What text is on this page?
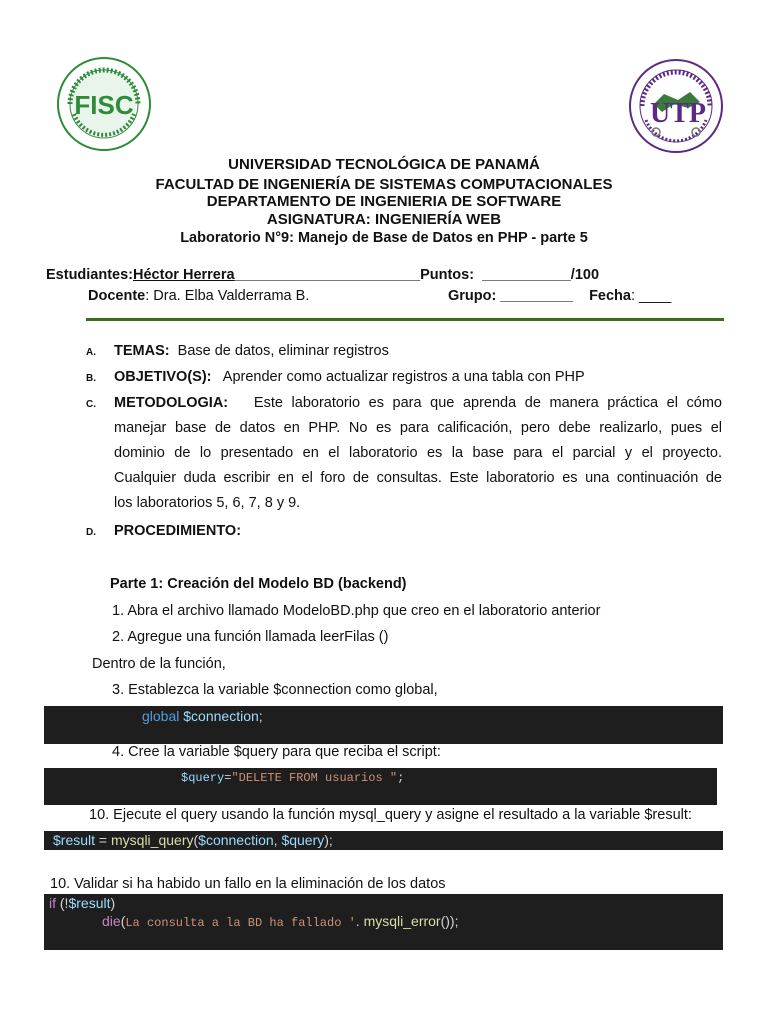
FISC	UTP
UNIVERSIDAD TECNOLÓGICA DE PANAMÁ
FACULTAD DE INGENIERÍA DE SISTEMAS COMPUTACIONALES
DEPARTAMENTO DE INGENIERIA DE SOFTWARE
ASIGNATURA: INGENIERÍA WEB
Laboratorio N°9: Manejo de Base de Datos en PHP - parte 5
Estudiantes:Héctor Herrera_______________________Puntos: ___________/100
Docente: Dra. Elba Valderrama B.	Grupo: _________ Fecha: ____
A. TEMAS: Base de datos, eliminar registros
B. OBJETIVO(S): Aprender como actualizar registros a una tabla con PHP
C.	METODOLOGIA: Este laboratorio es para que aprenda de manera práctica el cómo
manejar base de datos en PHP. No es para calificación, pero debe realizarlo, pues el
dominio de lo presentado en el laboratorio es la base para el parcial y el proyecto.
Cualquier duda escribir en el foro de consultas. Este laboratorio es una continuación de
los laboratorios 5, 6, 7, 8 y 9.
D. PROCEDIMIENTO:
Parte 1: Creación del Modelo BD (backend)
1. Abra el archivo llamado ModeloBD.php que creo en el laboratorio anterior
2. Agregue una función llamada leerFilas ()
Dentro de la función,
3. Establezca la variable $connection como global,

global $connection;

4. Cree la variable $query para que reciba el script:

$query="DELETE FROM usuarios ";

10. Ejecute el query usando la función mysql_query y asigne el resultado a la variable $result:

$result = mysqli_query($connection, $query);

10. Validar si ha habido un fallo en la eliminación de los datos

if (!$result)

die(La consulta a la BD ha fallado '. mysqli_error());
